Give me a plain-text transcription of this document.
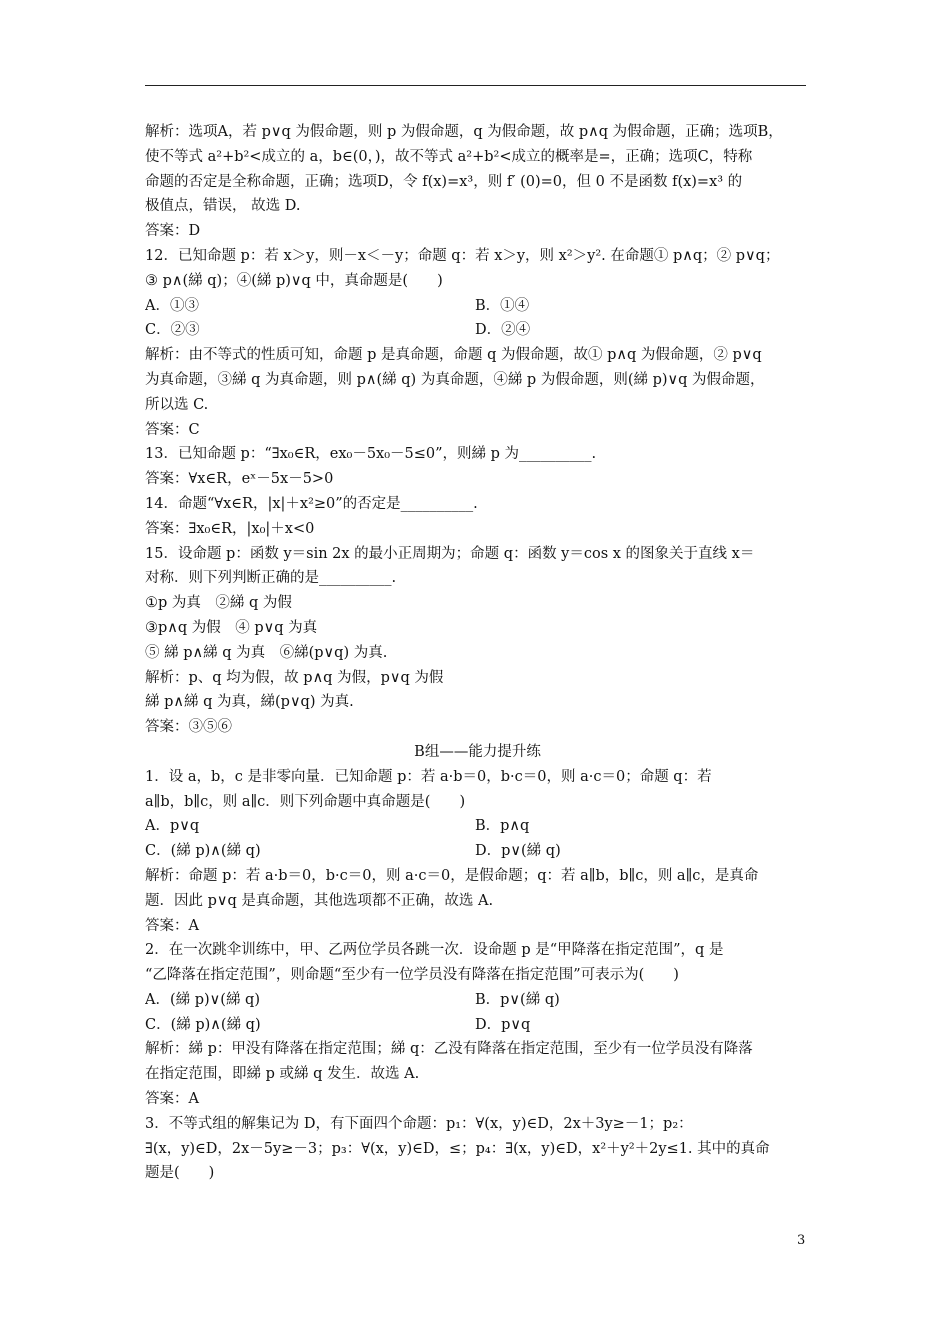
解析：选项A，若 p∨q 为假命题，则 p 为假命题，q 为假命题，故 p∧q 为假命题，正确；选项B，
使不等式 a²+b²<成立的 a，b∈(0，)，故不等式 a²+b²<成立的概率是=，正确；选项C，特称
命题的否定是全称命题，正确；选项D，令 f(x)=x³，则 f′ (0)=0，但 0 不是函数 f(x)=x³ 的
极值点，错误， 故选 D.
答案：D
12．已知命题 p：若 x＞y，则－x＜－y；命题 q：若 x＞y，则 x²＞y². 在命题① p∧q；② p∨q；
③ p∧(綈 q)；④(綈 p)∨q 中，真命题是(　　)
A．①③	B．①④
C．②③	D．②④
解析：由不等式的性质可知，命题 p 是真命题，命题 q 为假命题，故① p∧q 为假命题，② p∨q
为真命题，③綈 q 为真命题，则 p∧(綈 q) 为真命题，④綈 p 为假命题，则(綈 p)∨q 为假命题，
所以选 C.
答案：C
13．已知命题 p：“∃x₀∈R，ex₀－5x₀－5≤0”，则綈 p 为__________.
答案：∀x∈R，eˣ－5x－5>0
14．命题“∀x∈R，|x|＋x²≥0”的否定是__________.
答案：∃x₀∈R，|x₀|＋x<0
15．设命题 p：函数 y＝sin 2x 的最小正周期为；命题 q：函数 y＝cos x 的图象关于直线 x＝
对称．则下列判断正确的是__________.
①p 为真　②綈 q 为假
③p∧q 为假　④ p∨q 为真
⑤ 綈 p∧綈 q 为真　⑥綈(p∨q) 为真.
解析：p、q 均为假，故 p∧q 为假，p∨q 为假
綈 p∧綈 q 为真，綈(p∨q) 为真.
答案：③⑤⑥
B组——能力提升练
1．设 a，b，c 是非零向量．已知命题 p：若 a·b＝0，b·c＝0，则 a·c＝0；命题 q：若
a∥b，b∥c，则 a∥c．则下列命题中真命题是(　　)
A．p∨q	B．p∧q
C．(綈 p)∧(綈 q)	D．p∨(綈 q)
解析：命题 p：若 a·b＝0，b·c＝0，则 a·c＝0，是假命题；q：若 a∥b，b∥c，则 a∥c，是真命
题．因此 p∨q 是真命题，其他选项都不正确，故选 A.
答案：A
2．在一次跳伞训练中，甲、乙两位学员各跳一次．设命题 p 是“甲降落在指定范围”，q 是
“乙降落在指定范围”，则命题“至少有一位学员没有降落在指定范围”可表示为(　　)
A．(綈 p)∨(綈 q)	B．p∨(綈 q)
C．(綈 p)∧(綈 q)	D．p∨q
解析：綈 p：甲没有降落在指定范围；綈 q：乙没有降落在指定范围，至少有一位学员没有降落
在指定范围，即綈 p 或綈 q 发生．故选 A.
答案：A
3．不等式组的解集记为 D，有下面四个命题：p₁：∀(x，y)∈D，2x＋3y≥－1；p₂：
∃(x，y)∈D，2x－5y≥－3；p₃：∀(x，y)∈D，≤；p₄：∃(x，y)∈D，x²＋y²＋2y≤1. 其中的真命
题是(　　)
3
